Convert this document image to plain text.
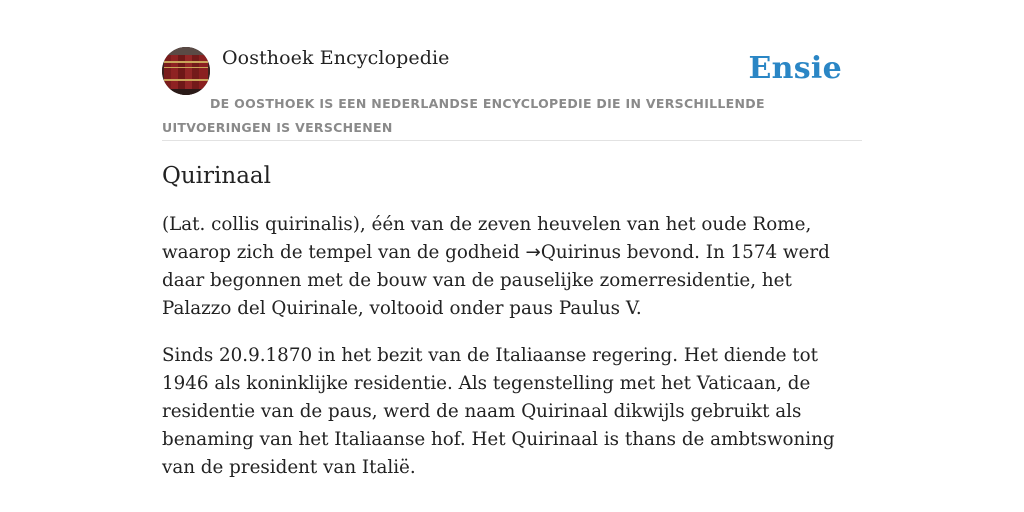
Oosthoek Encyclopedie	Ensie
DE OOSTHOEK IS EEN NEDERLANDSE ENCYCLOPEDIE DIE IN VERSCHILLENDE UITVOERINGEN IS VERSCHENEN
Quirinaal

(Lat. collis quirinalis), één van de zeven heuvelen van het oude Rome, waarop zich de tempel van de godheid →Quirinus bevond. In 1574 werd daar begonnen met de bouw van de pauselijke zomerresidentie, het Palazzo del Quirinale, voltooid onder paus Paulus V.

Sinds 20.9.1870 in het bezit van de Italiaanse regering. Het diende tot 1946 als koninklijke residentie. Als tegenstelling met het Vaticaan, de residentie van de paus, werd de naam Quirinaal dikwijls gebruikt als benaming van het Italiaanse hof. Het Quirinaal is thans de ambtswoning van de president van Italië.
